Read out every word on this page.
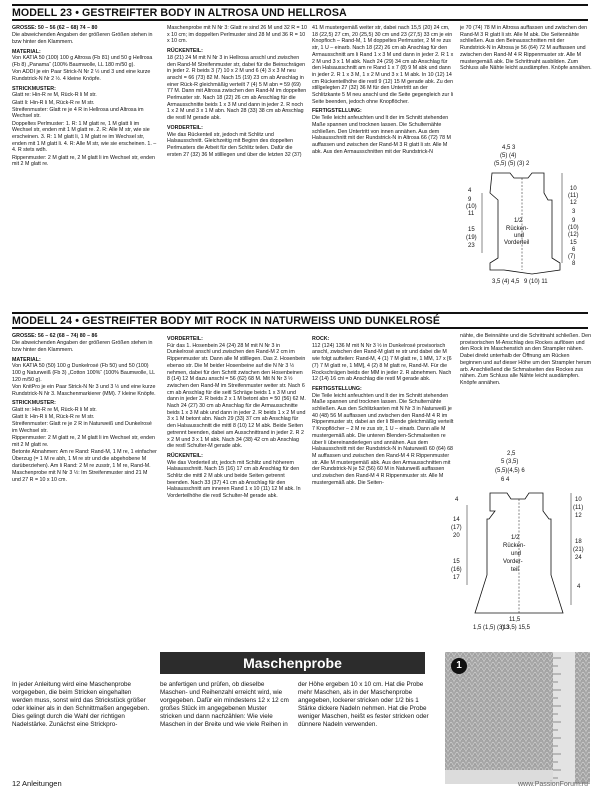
MODELL 23 • GESTREIFTER BODY IN ALTROSA UND HELLROSA
GRÖSSE: 50 – 56 (62 – 68) 74 – 80
Die abweichenden Angaben der größeren Größen stehen in bzw hinter den Klammern.
MATERIAL:
Von KATIA 50 (100) 100 g Altrosa (Fb 81) und 50 g Hellrosa (Fb 8) „Panama“ (100% Baumwolle, LL 180 m/50 g).
Von ADDI je ein Paar Strick-N Nr 2 ½ und 3 und eine kurze Rundstrick-N Nr 2 ½. 4 kleine Knöpfe.
STRICKMUSTER:
Glatt re: Hin-R re M, Rück-R li M str.
Glatt li: Hin-R li M, Rück-R re M str.
Streifenmuster: Glatt re je 4 R in Hellrosa und Altrosa im Wechsel str.
Doppeltes Perlmuster: 1. R: 1 M glatt re, 1 M glatt li im Wechsel str, enden mit 1 M glatt re. 2. R: Alle M str, wie sie erscheinen. 3. R: 1 M glatt li, 1 M glatt re im Wechsel str, enden mit 1 M glatt li. 4. R: Alle M str, wie sie erscheinen. 1. – 4. R stets wdh.
Rippenmuster: 2 M glatt re, 2 M glatt li im Wechsel str, enden mit 2 M glatt re.
Maschenprobe mit N Nr 3: Glatt re sind 26 M und 32 R = 10 x 10 cm; im doppelten Perlmuster sind 28 M und 36 R = 10 x 10 cm.
RÜCKENTEIL:
18 (21) 24 M mit N Nr 3 in Hellrosa anschl und zwischen den Rand-M Streifenmuster str, dabei für die Beinschrägen in jeder 2. R beids 3 (7) 10 x 2 M und 6 (4) 3 x 3 M neu anschl = 66 (73) 82 M. Nach 15 (19) 23 cm ab Anschlag in einer Rück-R gleichmäßig verteilt 7 (4) 5 M abn = 59 (69) 77 M. Dann mit Altrosa zwischen den Rand-M im doppelten Perlmuster str. Nach 18 (22) 26 cm ab Anschlag für die Armausschnitte beids 1 x 3 M und dann in jeder 2. R noch 1 x 2 M und 3 x 1 M abn. Nach 28 (33) 38 cm ab Anschlag die restl M gerade abk.
VORDERTEIL:
Wie das Rückenteil str, jedoch mit Schlitz und Halsausschnitt. Gleichzeitig mit Beginn des doppelten Perlmusters die Arbeit für den Schlitz teilen. Dafür die ersten 27 (32) 36 M stilllegen und über die letzten 32 (37)
41 M mustergemäß weiter str, dabei nach 15,5 (20) 24 cm, 18 (22,5) 27 cm, 20 (25,5) 30 cm und 23 (27,5) 33 cm je ein Knopfloch – Rand-M, 1 M doppeltes Perlmuster, 2 M re zus str, 1 U – einarb. Nach 18 (22) 26 cm ab Anschlag für den Armausschnitt am li Rand 1 x 3 M und dann in jeder 2. R 1 x 2 M und 3 x 1 M abk. Nach 24 (29) 34 cm ab Anschlag für den Halsausschnitt am re Rand 1 x 7 (8) 9 M abk und dann in jeder 2. R 1 x 3 M, 1 x 2 M und 3 x 1 M abk. In 10 (12) 14 cm Rückenteilhöhe die restl 9 (12) 15 M gerade abk. Zu den stillgelegten 27 (32) 36 M für den Untertritt an der Schlitzkante 5 M neu anschl und die Seite gegengleich zur li Seite beenden, jedoch ohne Knopflöcher.
FERTIGSTELLUNG:
Die Teile leicht anfeuchten und lt der im Schnitt stehenden Maße spannen und trocknen lassen. Die Schulternähte schließen. Den Untertritt von innen annähen. Aus dem Halsausschnitt mit der Rundstrick-N in Altrosa 66 (72) 78 M auffassen und zwischen der Rand-M 3 R glatt li str. Alle M abk. Aus den Armausschnitten mit der Rundstrick-N
je 70 (74) 78 M in Altrosa auffassen und zwischen den Rand-M 3 R glatt li str. Alle M abk. Die Seitennähte schließen. Aus den Beinausschnitten mit der Rundstrick-N in Altrosa je 56 (64) 72 M auffassen und zwischen den Rand-M 4 R Rippenmuster str. Alle M mustergemäß abk. Die Schrittnaht ausbilden. Zum Schluss alle Nähte leicht ausdämpfen. Knöpfe annähen.
4,5 3
(5) (4)
(5,5) (5) (3) 2
4
9
(10)
11
15
(19)
23
10
(11)
12
3
9
(10)
(12)
15
6
(7)
8
1/2
Rücken-
und
Vorderteil
3,5 (4) 4,5 9 (10) 11
MODELL 24 • GESTREIFTER BODY MIT ROCK IN NATURWEISS UND DUNKELROSÉ
GRÖSSE: 56 – 62 (68 – 74) 80 – 86
Die abweichenden Angaben der größeren Größen stehen in bzw hinter den Klammern.
MATERIAL:
Von KATIA 50 (50) 100 g Dunkelrosé (Fb 50) und 50 (100) 100 g Naturweiß (Fb 3) „Cotton 100%“ (100% Baumwolle, LL 120 m/50 g).
Von KnitPro je ein Paar Strick-N Nr 3 und 3 ½ und eine kurze Rundstrick-N Nr 3. Maschenmarkierer (MM). 7 kleine Knöpfe.
STRICKMUSTER:
Glatt re: Hin-R re M, Rück-R li M str.
Glatt li: Hin-R li M, Rück-R re M str.
Streifenmuster: Glatt re je 2 R in Naturweiß und Dunkelrosé im Wechsel str.
Rippenmuster: 2 M glatt re, 2 M glatt li im Wechsel str, enden mit 2 M glatt re.
Betonte Abnahmen: Am re Rand: Rand-M, 1 M re, 1 einfacher Überzug (= 1 M re abh, 1 M re str und die abgehobene M darüberziehen). Am li Rand: 2 M re zusstr, 1 M re, Rand-M.
Maschenprobe mit N Nr 3 ½: Im Streifenmuster sind 21 M und 27 R = 10 x 10 cm.
VORDERTEIL:
Für das 1. Hosenbein 24 (24) 28 M mit N Nr 3 in Dunkelrosé anschl und zwischen den Rand-M 2 cm im Rippenmuster str. Dann alle M stilllegen. Das 2. Hosenbein ebenso str. Die M beider Hosenbeine auf die N Nr 3 ½ nehmen, dabei für den Schritt zwischen den Hosenbeinen 8 (14) 12 M dazu anschl = 56 (62) 68 M. Mit N Nr 3 ½ zwischen den Rand-M im Streifenmuster weiter str. Nach 6 cm ab Anschlag für die seitl Schräge beids 1 x 3 M und dann in jeder 2. R beids 2 x 1 M betont abn = 50 (56) 62 M. Nach 24 (27) 30 cm ab Anschlag für die Armausschnitte beids 1 x 3 M abk und dann in jeder 2. R beids 1 x 2 M und 3 x 1 M betont abn. Nach 29 (33) 37 cm ab Anschlag für den Halsausschnitt die mittl 8 (10) 12 M abk. Beide Seiten getrennt beenden, dabei am Ausschnittrand in jeder 2. R 2 x 2 M und 3 x 1 M abk. Nach 34 (38) 42 cm ab Anschlag die restl Schulter-M gerade abk.
RÜCKENTEIL:
Wie das Vorderteil str, jedoch mit Schlitz und höherem Halsausschnitt. Nach 15 (16) 17 cm ab Anschlag für den Schlitz die mittl 2 M abk und beide Seiten getrennt beenden. Nach 33 (37) 41 cm ab Anschlag für den Halsausschnitt am inneren Rand 1 x 10 (11) 12 M abk. In Vorderteilhöhe die restl Schulter-M gerade abk.
ROCK:
112 (124) 136 M mit N Nr 3 ½ in Dunkelrosé provisorisch anschl, zwischen den Rand-M glatt re str und dabei die M wie folgt aufteilen: Rand-M, 4 (1) 7 M glatt re, 1 MM, 17 x [6 (7) 7 M glatt re, 1 MM], 4 (2) 8 M glatt re, Rand-M. Für die Rockschrägen beids der MM in jeder 2. R abnehmen. Nach 12 (14) 16 cm ab Anschlag die restl M gerade abk.
FERTIGSTELLUNG:
Die Teile leicht anfeuchten und lt der im Schnitt stehenden Maße spannen und trocknen lassen. Die Schulternähte schließen. Aus den Schlitzkanten mit N Nr 3 in Naturweiß je 40 (48) 56 M auffassen und zwischen den Rand-M 4 R im Rippenmuster str, dabei an der li Blende gleichmäßig verteilt 7 Knopflöcher – 2 M re zus str, 1 U – einarb. Dann alle M mustergemäß abk. Die unteren Blenden-Schmalseiten re über li übereinanderlegen und annähen. Aus dem Halsausschnitt mit der Rundstrick-N in Naturweiß 60 (64) 68 M auffassen und zwischen den Rand-M 4 R Rippenmuster str. Alle M mustergemäß abk. Aus den Armausschnitten mit der Rundstrick-N je 52 (56) 60 M in Naturweiß auffassen und zwischen den Rand-M 4 R Rippenmuster str. Alle M mustergemäß abk. Die Seiten-
nähte, die Beinnähte und die Schrittnaht schließen. Den provisorischen M-Anschlag des Rockes auflösen und den Rock im Maschenstich an den Strampler nähen. Dabei direkt unterhalb der Öffnung am Rücken beginnen und auf dieser Höhe um den Strampler herum arb. Anschließend die Schmalseiten des Rockes zus nähen. Zum Schluss alle Nähte leicht ausdämpfen. Knöpfe annähen.
2,5
5 (3,5)
(5,5)(4,5) 6
6 4
4
14
(17)
20
15
(16)
17
10
(11)
12
18
(21)
24
4
1/2
Rücken-
und
Vorder-
teil
11,5
(13,5) 15,5
1,5 (1,5) (3) 3
Maschenprobe
In jeder Anleitung wird eine Maschenprobe vorgegeben, die beim Stricken eingehalten werden muss, sonst wird das Strickstück größer oder kleiner als in den Schnittmaßen angegeben. Dies gelingt durch die Wahl der richtigen Nadelstärke. Zunächst eine Strickpro-
be anfertigen und prüfen, ob dieselbe Maschen- und Reihenzahl erreicht wird, wie vorgegeben. Dafür ein mindestens 12 x 12 cm großes Stück im angegebenen Muster stricken und dann nachzählen: Wie viele Maschen in der Breite und wie viele Reihen in
der Höhe ergeben 10 x 10 cm. Hat die Probe mehr Maschen, als in der Maschenprobe angegeben, lockerer stricken oder 1/2 bis 1 Stärke dickere Nadeln nehmen. Hat die Probe weniger Maschen, heißt es fester stricken oder dünnere Nadeln verwenden.
1
12 Anleitungen	www.PassionForum.ru
